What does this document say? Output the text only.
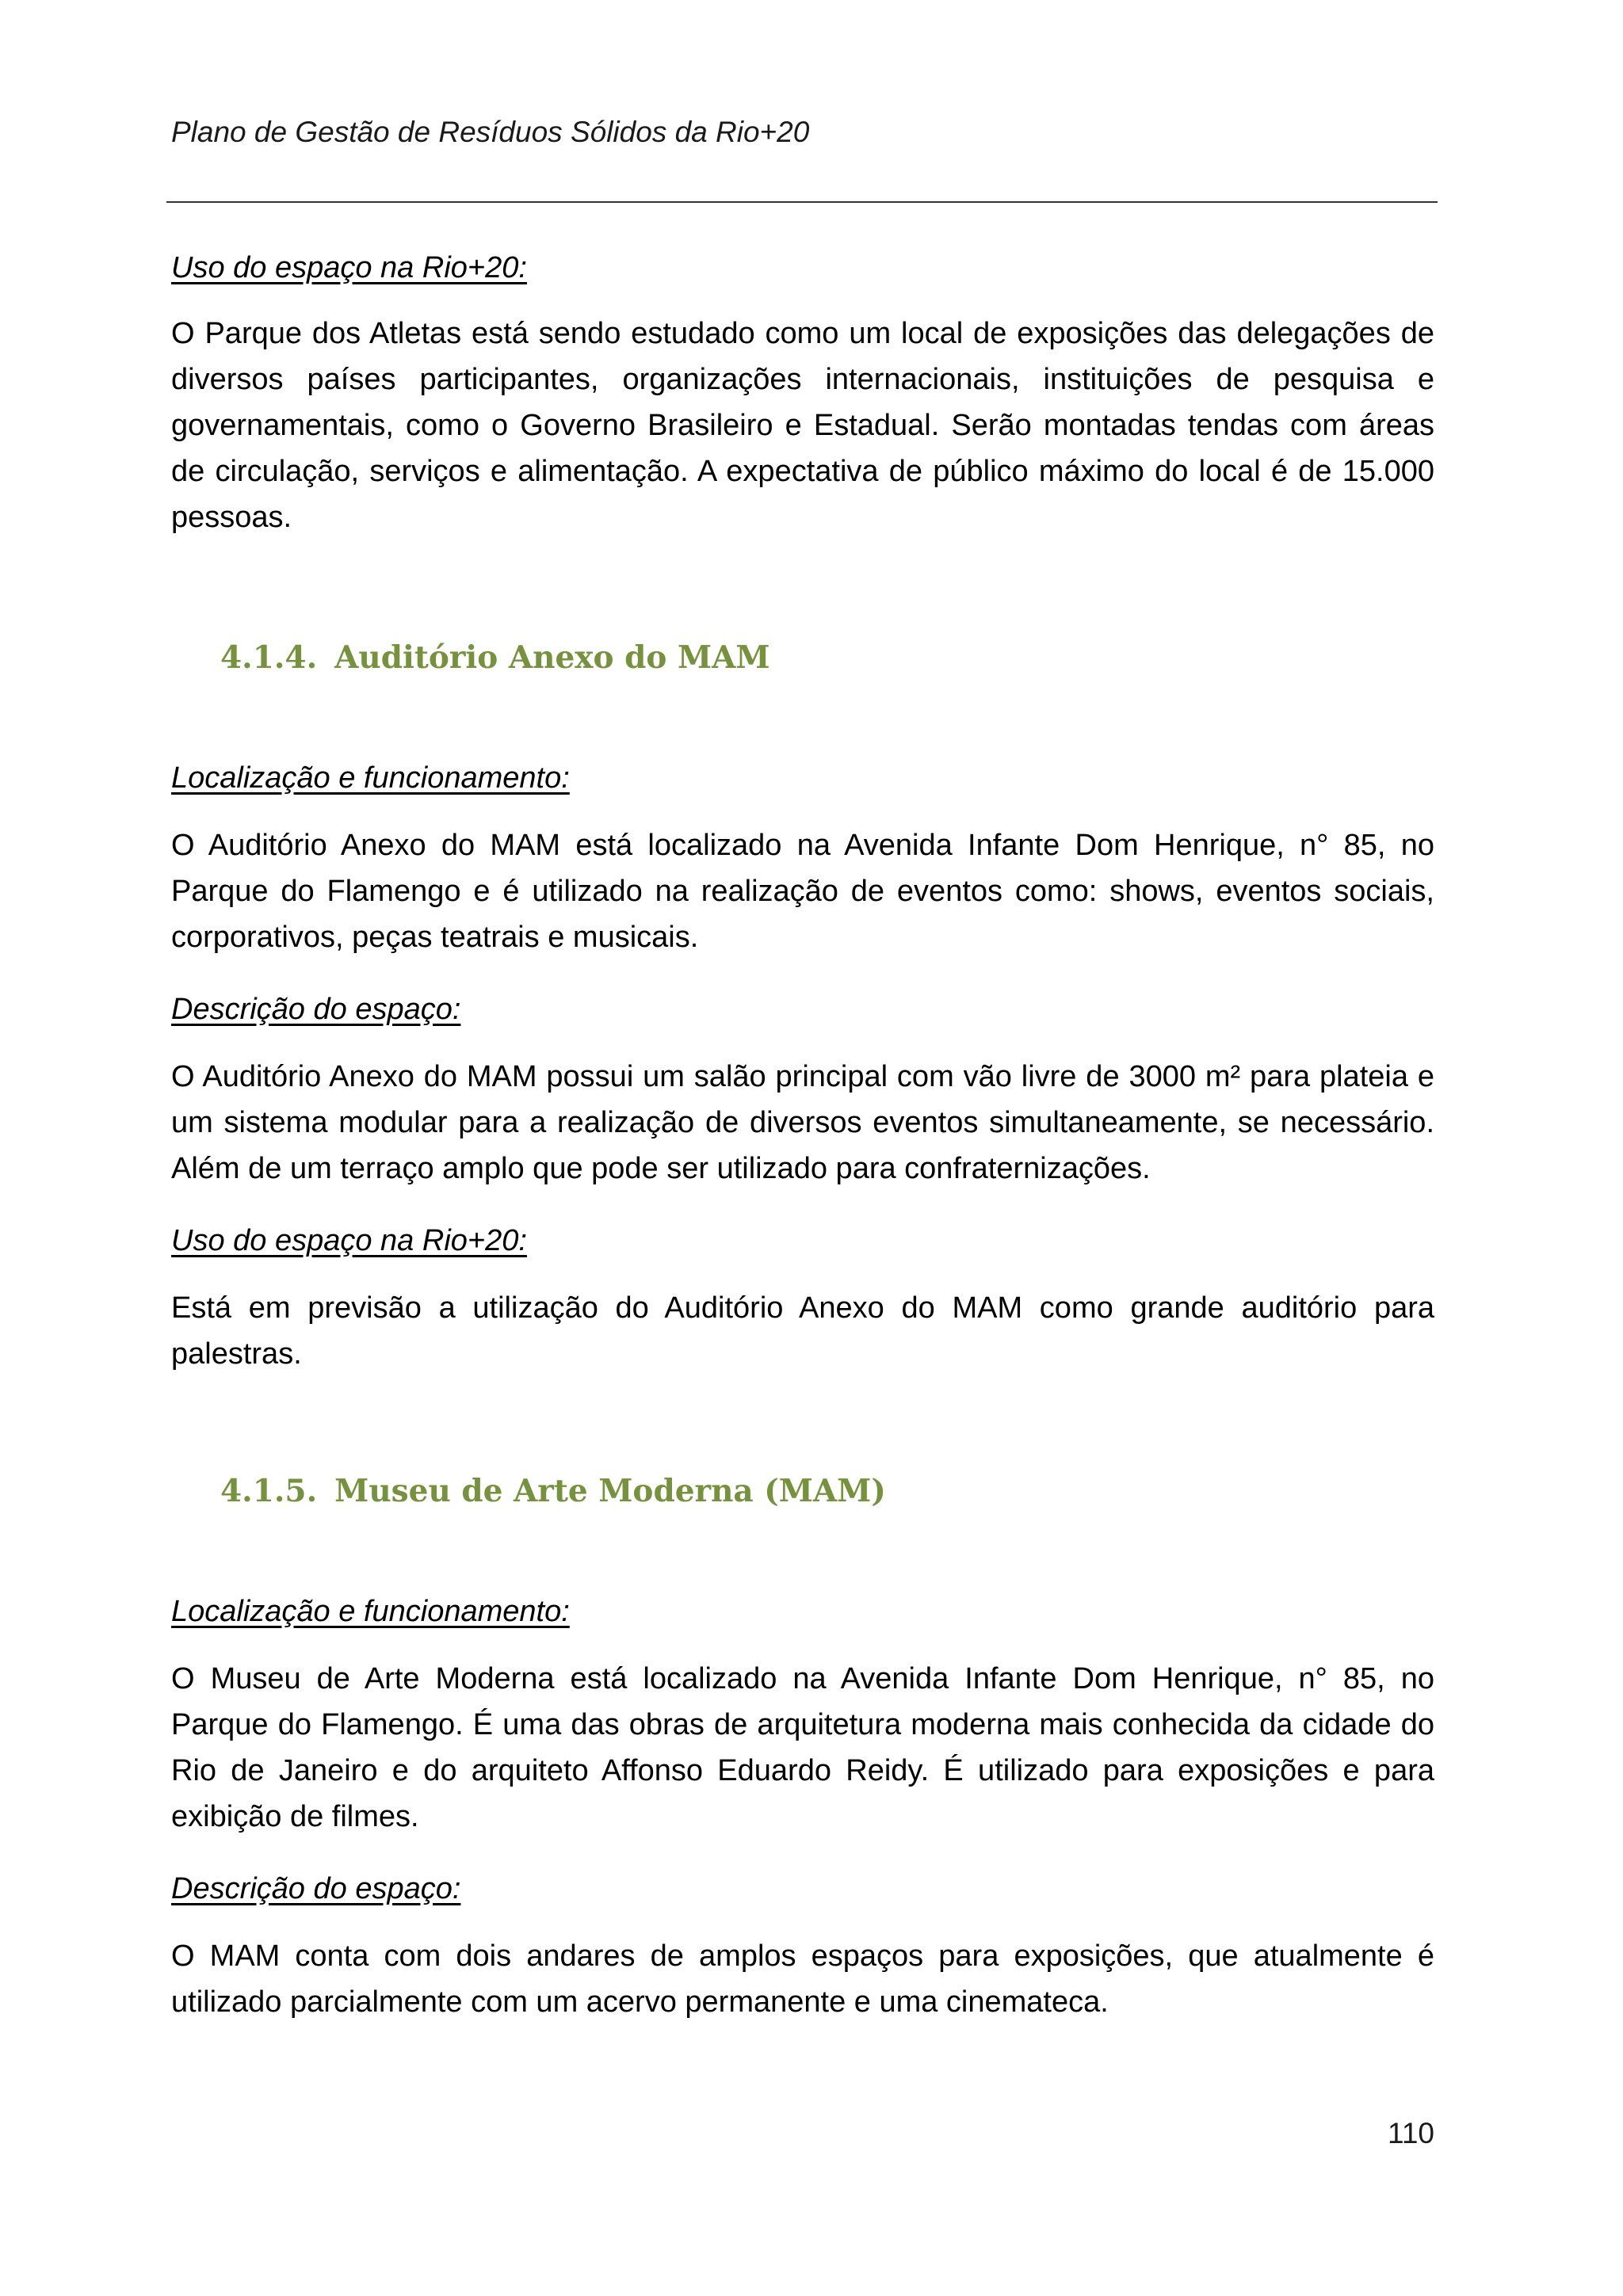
Plano de Gestão de Resíduos Sólidos da Rio+20

Uso do espaço na Rio+20:

O Parque dos Atletas está sendo estudado como um local de exposições das delegações de diversos países participantes, organizações internacionais, instituições de pesquisa e governamentais, como o Governo Brasileiro e Estadual. Serão montadas tendas com áreas de circulação, serviços e alimentação. A expectativa de público máximo do local é de 15.000 pessoas.

4.1.4. Auditório Anexo do MAM

Localização e funcionamento:

O Auditório Anexo do MAM está localizado na Avenida Infante Dom Henrique, n° 85, no Parque do Flamengo e é utilizado na realização de eventos como: shows, eventos sociais, corporativos, peças teatrais e musicais.

Descrição do espaço:

O Auditório Anexo do MAM possui um salão principal com vão livre de 3000 m² para plateia e um sistema modular para a realização de diversos eventos simultaneamente, se necessário. Além de um terraço amplo que pode ser utilizado para confraternizações.

Uso do espaço na Rio+20:

Está em previsão a utilização do Auditório Anexo do MAM como grande auditório para palestras.

4.1.5. Museu de Arte Moderna (MAM)

Localização e funcionamento:

O Museu de Arte Moderna está localizado na Avenida Infante Dom Henrique, n° 85, no Parque do Flamengo. É uma das obras de arquitetura moderna mais conhecida da cidade do Rio de Janeiro e do arquiteto Affonso Eduardo Reidy. É utilizado para exposições e para exibição de filmes.

Descrição do espaço:

O MAM conta com dois andares de amplos espaços para exposições, que atualmente é utilizado parcialmente com um acervo permanente e uma cinemateca.

110
